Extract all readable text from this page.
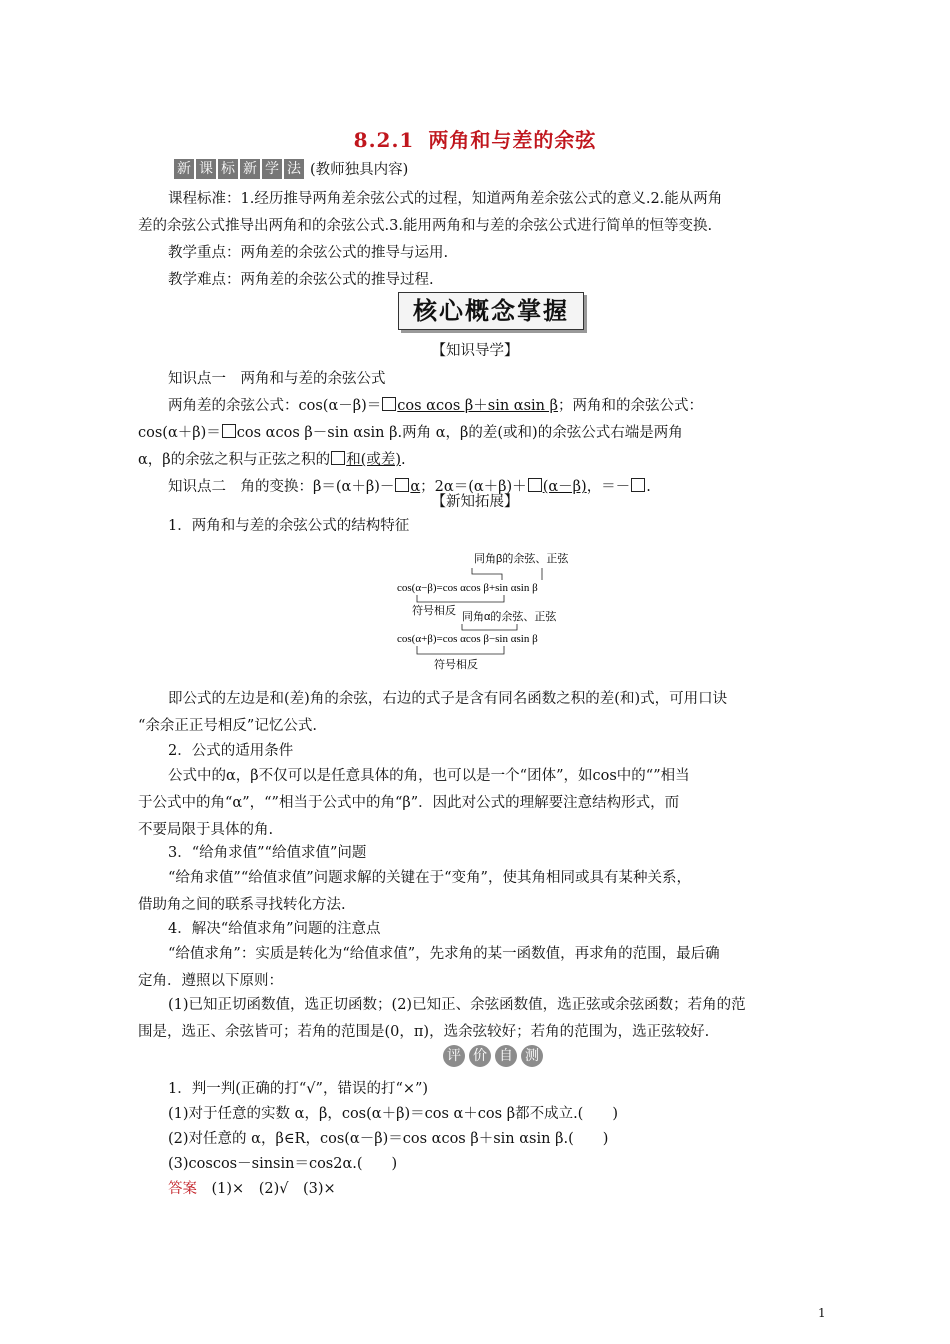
8.2.1 两角和与差的余弦
新 课 标 新 学 法 (教师独具内容)
课程标准：1.经历推导两角差余弦公式的过程，知道两角差余弦公式的意义.2.能从两角
差的余弦公式推导出两角和的余弦公式.3.能用两角和与差的余弦公式进行简单的恒等变换.
教学重点：两角差的余弦公式的推导与运用.
教学难点：两角差的余弦公式的推导过程.
核心概念掌握
【知识导学】
知识点一　两角和与差的余弦公式
两角差的余弦公式：cos(α－β)＝ cos αcos β＋sin αsin β；两角和的余弦公式：
cos(α＋β)＝ cos αcos β－sin αsin β.两角 α，β的差(或和)的余弦公式右端是两角
α，β的余弦之积与正弦之积的 和(或差).
知识点二　角的变换：β＝(α＋β)－ α；2α＝(α＋β)＋ (α－β)，＝－ .
【新知拓展】
1．两角和与差的余弦公式的结构特征
同角β的余弦、正弦
cos(α−β)=cos αcos β+sin αsin β
符号相反 同角α的余弦、正弦
cos(α+β)=cos αcos β−sin αsin β
符号相反
即公式的左边是和(差)角的余弦，右边的式子是含有同名函数之积的差(和)式，可用口诀
“余余正正号相反”记忆公式.
2．公式的适用条件
公式中的α，β不仅可以是任意具体的角，也可以是一个“团体”，如cos中的“”相当
于公式中的角“α”，“”相当于公式中的角“β”．因此对公式的理解要注意结构形式，而
不要局限于具体的角.
3．“给角求值”“给值求值”问题
“给角求值”“给值求值”问题求解的关键在于“变角”，使其角相同或具有某种关系，
借助角之间的联系寻找转化方法.
4．解决“给值求角”问题的注意点
“给值求角”：实质是转化为“给值求值”，先求角的某一函数值，再求角的范围，最后确
定角．遵照以下原则：
(1)已知正切函数值，选正切函数；(2)已知正、余弦函数值，选正弦或余弦函数；若角的范
围是，选正、余弦皆可；若角的范围是(0，π)，选余弦较好；若角的范围为，选正弦较好.
评 价 自 测
1．判一判(正确的打“√”，错误的打“×”)
(1)对于任意的实数 α，β，cos(α＋β)＝cos α＋cos β都不成立.(　　)
(2)对任意的 α，β∈R，cos(α－β)＝cos αcos β＋sin αsin β.(　　)
(3)coscos－sinsin＝cos2α.(　　)
答案　 (1)×　(2)√　(3)×
1
